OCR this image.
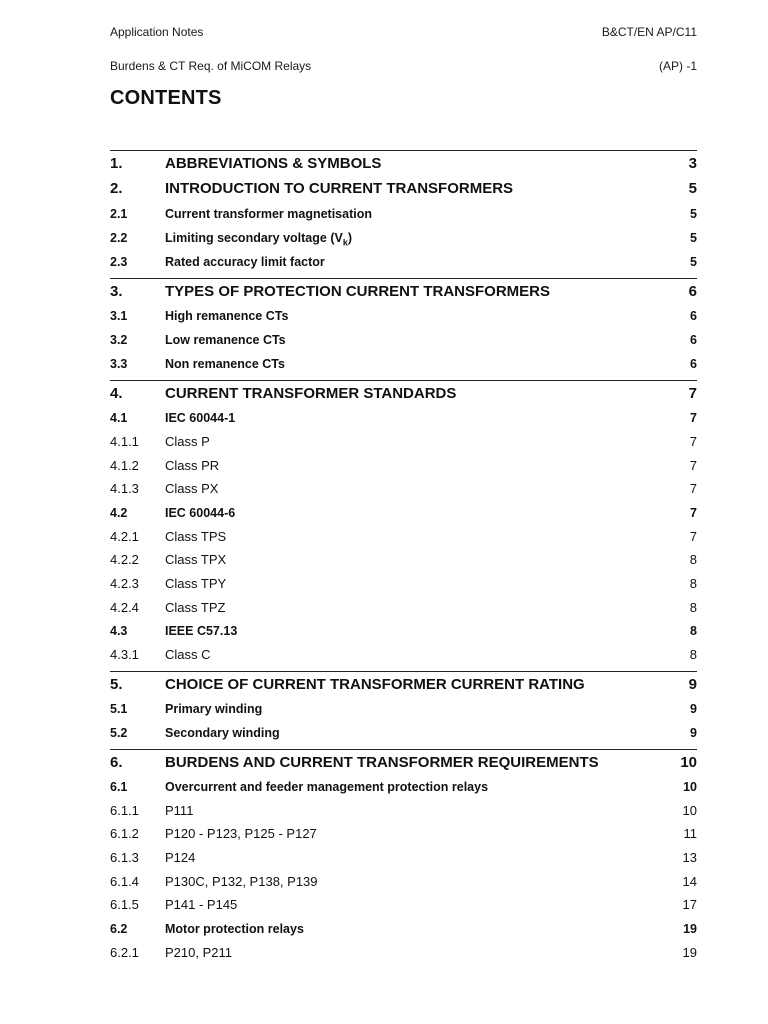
Application Notes	B&CT/EN AP/C11
Burdens & CT Req. of MiCOM Relays	(AP) -1
CONTENTS
1.	ABBREVIATIONS & SYMBOLS	3
2.	INTRODUCTION TO CURRENT TRANSFORMERS	5
2.1	Current transformer magnetisation	5
2.2	Limiting secondary voltage $(V_k)$	5
2.3	Rated accuracy limit factor	5
3.	TYPES OF PROTECTION CURRENT TRANSFORMERS	6
3.1	High remanence CTs	6
3.2	Low remanence CTs	6
3.3	Non remanence CTs	6
4.	CURRENT TRANSFORMER STANDARDS	7
4.1	IEC 60044-1	7
4.1.1 Class P	7
4.1.2 Class PR	7
4.1.3 Class PX	7
4.2	IEC 60044-6	7
4.2.1 Class TPS	7
4.2.2 Class TPX	8
4.2.3 Class TPY	8
4.2.4 Class TPZ	8
4.3	IEEE C57.13	8
4.3.1 Class C	8
5.	CHOICE OF CURRENT TRANSFORMER CURRENT RATING	9
5.1	Primary winding	9
5.2	Secondary winding	9
6.	BURDENS AND CURRENT TRANSFORMER REQUIREMENTS	10
6.1	Overcurrent and feeder management protection relays	10
6.1.1 P111	10
6.1.2 P120 - P123, P125 - P127	11
6.1.3 P124	13
6.1.4 P130C, P132, P138, P139	14
6.1.5 P141 - P145	17
6.2	Motor protection relays	19
6.2.1 P210, P211	19
